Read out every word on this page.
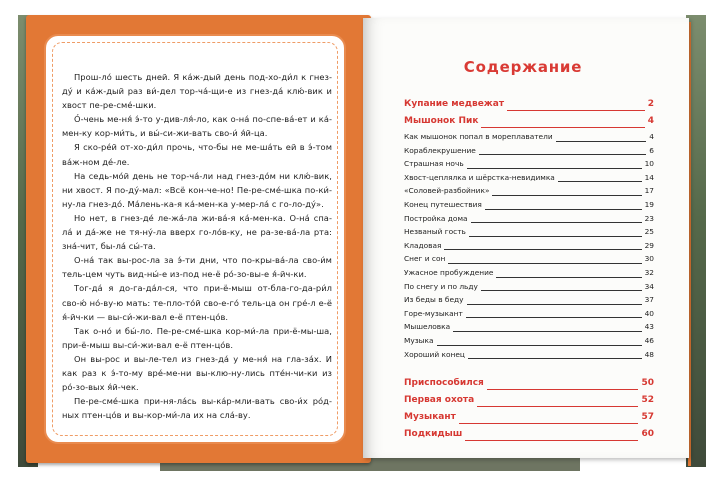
Прош-ло́ шесть дней. Я ка́ж-дый день под-хо-ди́л к гнез-ду́ и ка́ж-дый раз ви́-дел тор-ча́-щи-е из гнез-да́ клю́-вик и хвост пе-ре-сме́-шки.

О́-чень ме-ня́ э́-то у-див-ля́-ло, как о-на́ по-спе-ва́-ет и ка́-мен-ку кор-ми́ть, и вы́-си-жи-вать сво-и́ я́й-ца.

Я ско-ре́й от-хо-ди́л прочь, что-бы не ме-ша́ть ей в э́-том ва́ж-ном де́-ле.

На седь-мо́й день не тор-ча́-ли над гнез-до́м ни клю́-вик, ни хвост. Я по-ду́-мал: «Всё кон-че-но! Пе-ре-сме́-шка по-ки́-ну-ла гнез-до́. Ма́лень-ка-я ка́-мен-ка у-мер-ла́ с го-ло-ду́».

Но нет, в гнез-де́ ле-жа́-ла жи-ва́-я ка́-мен-ка. О-на́ спа-ла́ и да́-же не тя-ну́-ла вверх го-ло́в-ку, не ра-зе-ва́-ла рта: зна́-чит, бы-ла́ сы́-та.

О-на́ так вы-рос-ла за э́-ти дни, что по-кры-ва́-ла сво-и́м тель-цем чуть вид-ны́-е из-под не-ё ро́-зо-вы-е я́-йч-ки.

Тог-да́ я до-га-да́л-ся, что при-ё-мыш от-бла-го-да-ри́л сво-ю́ но́-ву-ю мать: те-пло-то́й сво-е-го́ тель-ца он гре́-л е-ё я́-йч-ки — вы-си́-жи-вал е-ё птен-цо́в.

Так о-но́ и бы́-ло. Пе-ре-сме́-шка кор-ми́-ла при-ё-мы-ша, при-ё-мыш вы-си́-жи-вал е-ё птен-цо́в.

Он вы-рос и вы-ле-тел из гнез-да́ у ме-ня́ на гла-за́х. И как раз к э́-то-му вре́-ме-ни вы-клю-ну-лись пте́н-чи-ки из ро́-зо-вых я́й-чек.

Пе-ре-сме́-шка при-ня-ла́сь вы-ка́р-мли-вать сво-и́х ро́д-ных птен-цо́в и вы-кор-ми́-ла их на сла́-ву.

Содержание
Купание медвежат	2
Мышонок Пик	4
Как мышонок попал в мореплаватели	4
Кораблекрушение	6
Страшная ночь	10
Хвост-цеплялка и шёрстка-невидимка	14
«Соловей-разбойник»	17
Конец путешествия	19
Постройка дома	23
Незваный гость	25
Кладовая	29
Снег и сон	30
Ужасное пробуждение	32
По снегу и по льду	34
Из беды в беду	37
Горе-музыкант	40
Мышеловка	43
Музыка	46
Хороший конец	48
Приспособился	50
Первая охота	52
Музыкант	57
Подкидыш	60
